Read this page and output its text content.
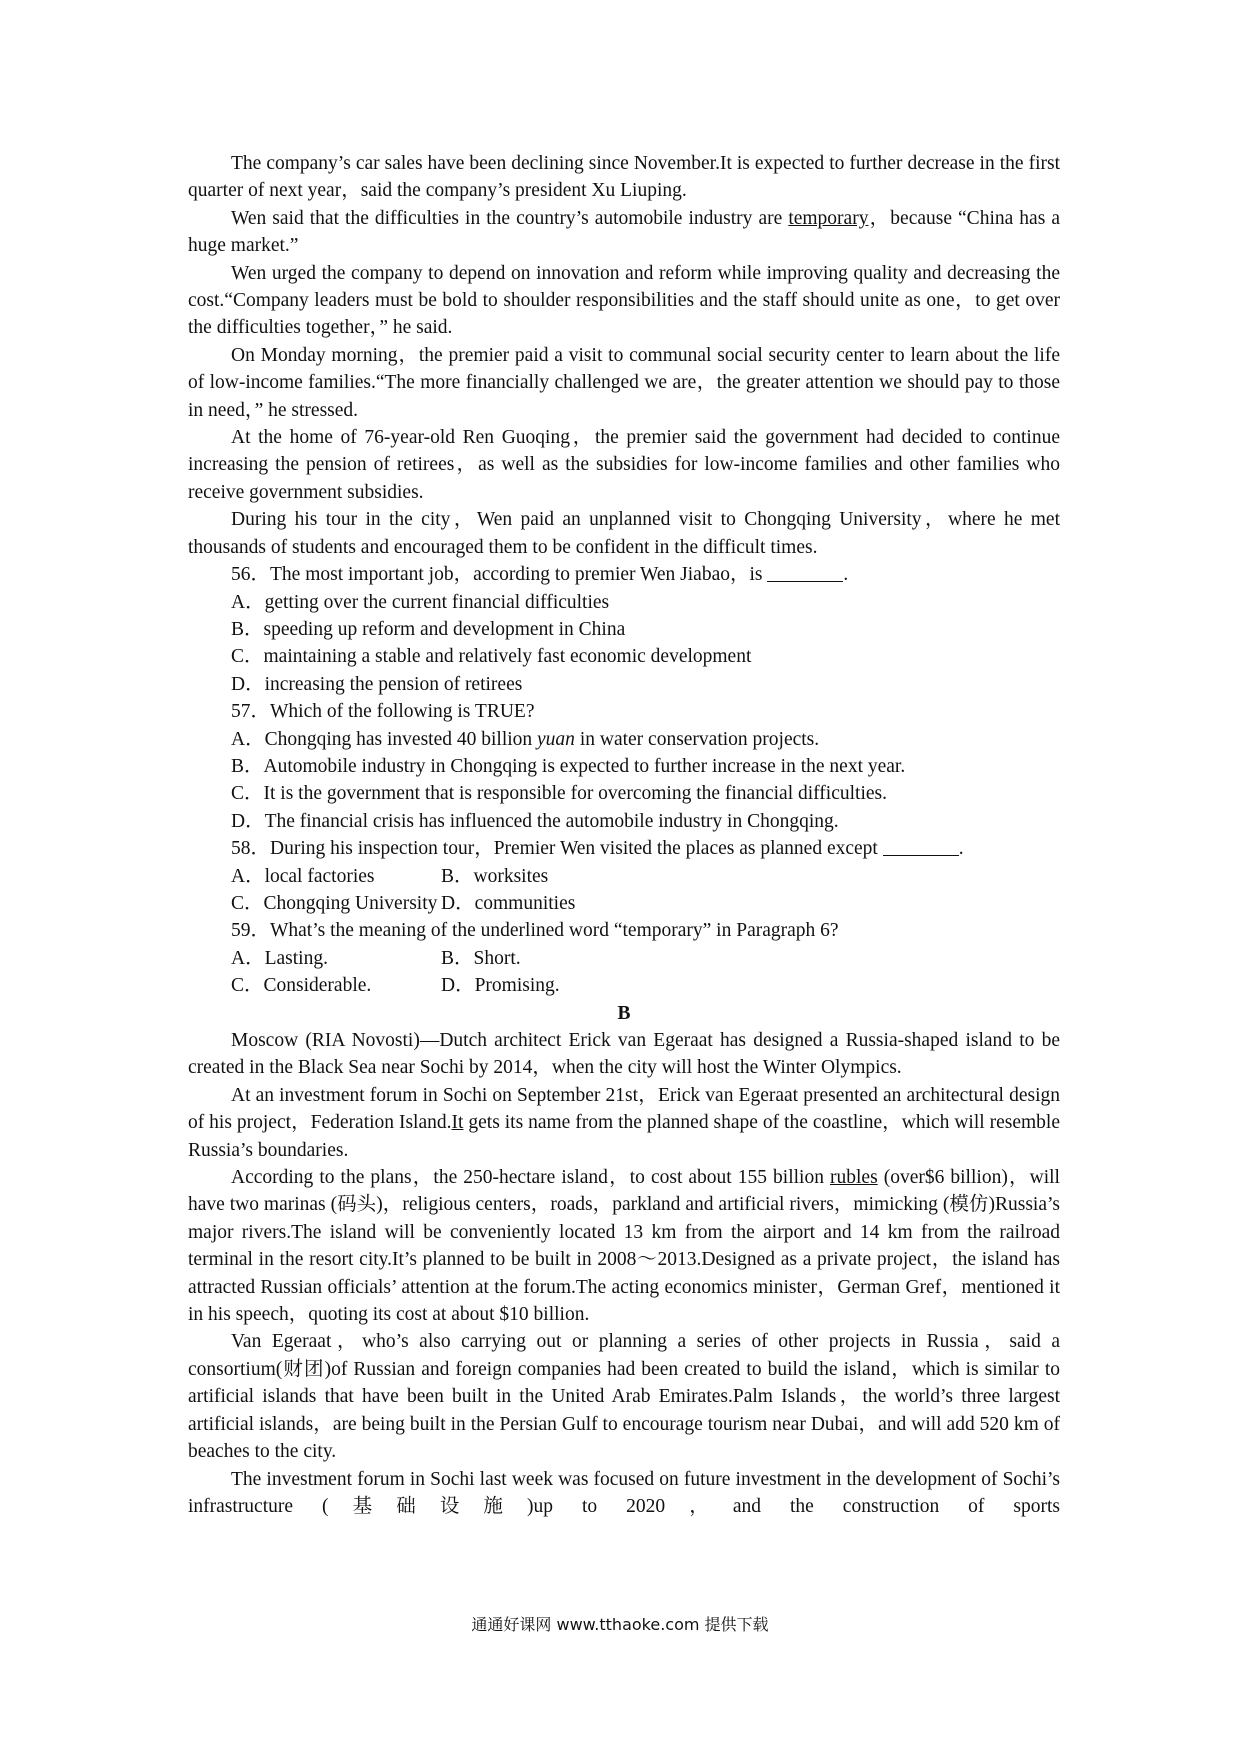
The company’s car sales have been declining since November.It is expected to further decrease in the first quarter of next year，said the company’s president Xu Liuping.

Wen said that the difficulties in the country’s automobile industry are temporary，because “China has a huge market.”

Wen urged the company to depend on innovation and reform while improving quality and decreasing the cost.“Company leaders must be bold to shoulder responsibilities and the staff should unite as one，to get over the difficulties together，” he said.

On Monday morning，the premier paid a visit to communal social security center to learn about the life of low-income families.“The more financially challenged we are，the greater attention we should pay to those in need，” he stressed.

At the home of 76-year-old Ren Guoqing，the premier said the government had decided to continue increasing the pension of retirees，as well as the subsidies for low-income families and other families who receive government subsidies.

During his tour in the city，Wen paid an unplanned visit to Chongqing University，where he met thousands of students and encouraged them to be confident in the difficult times.

56．The most important job，according to premier Wen Jiabao，is	.

A．getting over the current financial difficulties

B．speeding up reform and development in China

C．maintaining a stable and relatively fast economic development

D．increasing the pension of retirees

57．Which of the following is TRUE?

A．Chongqing has invested 40 billion yuan in water conservation projects.

B．Automobile industry in Chongqing is expected to further increase in the next year.

C．It is the government that is responsible for overcoming the financial difficulties.

D．The financial crisis has influenced the automobile industry in Chongqing.

58．During his inspection tour，Premier Wen visited the places as planned except	.

A．local factories	B．worksites

C．Chongqing University D．communities

59．What’s the meaning of the underlined word “temporary” in Paragraph 6?

A．Lasting.	B．Short.

C．Considerable.	D．Promising.

B

Moscow (RIA Novosti)—Dutch architect Erick van Egeraat has designed a Russia-shaped island to be created in the Black Sea near Sochi by 2014，when the city will host the Winter Olympics.

At an investment forum in Sochi on September 21st，Erick van Egeraat presented an architectural design of his project，Federation Island.It gets its name from the planned shape of the coastline，which will resemble Russia’s boundaries.

According to the plans，the 250-hectare island，to cost about 155 billion rubles (over$6 billion)，will have two marinas (码头)，religious centers，roads，parkland and artificial rivers，mimicking (模仿)Russia’s major rivers.The island will be conveniently located 13 km from the airport and 14 km from the railroad terminal in the resort city.It’s planned to be built in 2008～2013.Designed as a private project，the island has attracted Russian officials’ attention at the forum.The acting economics minister，German Gref，mentioned it in his speech，quoting its cost at about $10 billion.

Van Egeraat，who’s also carrying out or planning a series of other projects in Russia，said a consortium(财团)of Russian and foreign companies had been created to build the island，which is similar to artificial islands that have been built in the United Arab Emirates.Palm Islands，the world’s three largest artificial islands，are being built in the Persian Gulf to encourage tourism near Dubai，and will add 520 km of beaches to the city.

The investment forum in Sochi last week was focused on future investment in the development of Sochi’s infrastructure (基础设施)up to 2020，and the construction of sports

通通好课网 www.tthaoke.com 提供下载
